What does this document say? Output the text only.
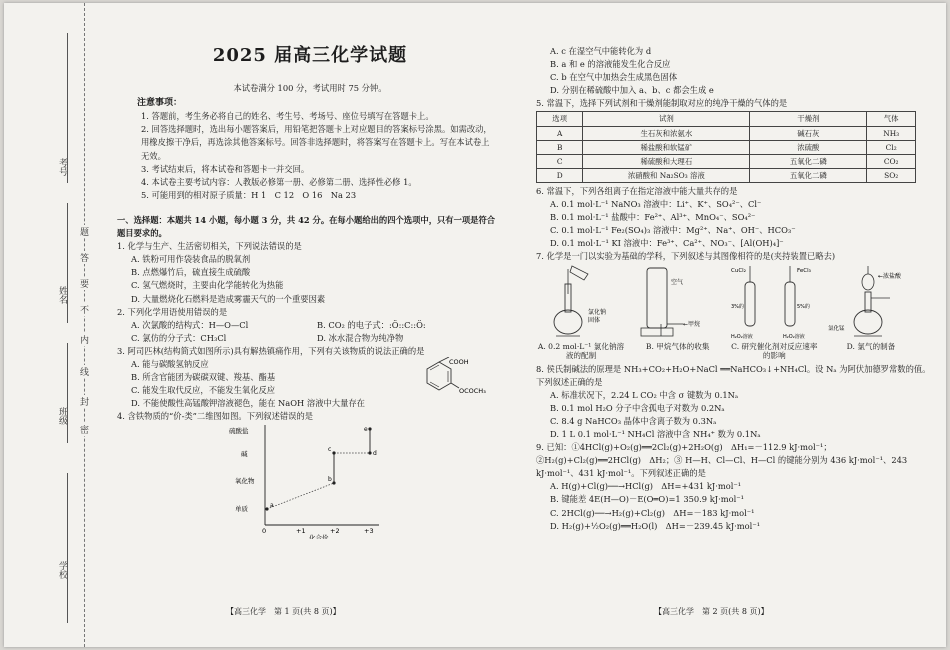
考号
姓名
班级
学校
题
答
要
不
内
线
封
密
2025 届高三化学试题
本试卷满分 100 分，考试用时 75 分钟。
注意事项：
1. 答题前，考生务必将自己的姓名、考生号、考场号、座位号填写在答题卡上。
2. 回答选择题时，选出每小题答案后，用铅笔把答题卡上对应题目的答案标号涂黑。如需改动，用橡皮擦干净后，再选涂其他答案标号。回答非选择题时，将答案写在答题卡上。写在本试卷上无效。
3. 考试结束后，将本试卷和答题卡一并交回。
4. 本试卷主要考试内容：人教版必修第一册、必修第二册、选择性必修 1。
5. 可能用到的相对原子质量：H 1　C 12　O 16　Na 23
一、选择题：本题共 14 小题，每小题 3 分，共 42 分。在每小题给出的四个选项中，只有一项是符合题目要求的。
1. 化学与生产、生活密切相关，下列说法错误的是
A. 铁粉可用作袋装食品的脱氧剂
B. 点燃爆竹后，硫直接生成硫酸
C. 氢气燃烧时，主要由化学能转化为热能
D. 大量燃烧化石燃料是造成雾霾天气的一个重要因素
2. 下列化学用语使用错误的是
A. 次氯酸的结构式：H—O—Cl	B. CO₂ 的电子式：:Ö::C::Ö:
C. 氯仿的分子式：CH₃Cl	D. 冰水混合物为纯净物
3. 阿司匹林(结构简式如图所示)具有解热镇痛作用，下列有关该物质的说法正确的是
A. 能与碳酸氢钠反应
B. 所含官能团为碳碳双键、羧基、酯基
C. 能发生取代反应，不能发生氧化反应
D. 不能使酸性高锰酸钾溶液褪色，能在 NaOH 溶液中大量存在
COOH
OCOCH₃
4. 含铁物质的“价-类”二维图如图。下列叙述错误的是
硫酸盐
碱
氧化物
单质
0	+1	+2	+3
化合价
a
b
c
d
e
【高三化学　第 1 页(共 8 页)】
A. c 在湿空气中能转化为 d
B. a 和 e 的溶液能发生化合反应
C. b 在空气中加热会生成黑色固体
D. 分别在稀硫酸中加入 a、b、c 都会生成 e
5. 常温下，选择下列试剂和干燥剂能制取对应的纯净干燥的气体的是
选项	试剂	干燥剂	气体
A	生石灰和浓氨水	碱石灰	NH₃
B	稀盐酸和软锰矿	浓硫酸	Cl₂
C	稀硫酸和大理石	五氧化二磷	CO₂
D	浓硝酸和 Na₂SO₃ 溶液	五氧化二磷	SO₂
6. 常温下，下列各组离子在指定溶液中能大量共存的是
A. 0.1 mol·L⁻¹ NaNO₃ 溶液中：Li⁺、K⁺、SO₄²⁻、Cl⁻
B. 0.1 mol·L⁻¹ 盐酸中：Fe²⁺、Al³⁺、MnO₄⁻、SO₄²⁻
C. 0.1 mol·L⁻¹ Fe₂(SO₄)₃ 溶液中：Mg²⁺、Na⁺、OH⁻、HCO₃⁻
D. 0.1 mol·L⁻¹ KI 溶液中：Fe³⁺、Ca²⁺、NO₃⁻、[Al(OH)₄]⁻
7. 化学是一门以实验为基础的学科，下列叙述与其图像相符的是(夹持装置已略去)
氯化钠固体
空气
←甲烷
CuCl₂	FeCl₃
3%的	5%的
H₂O₂溶液	H₂O₂溶液
←浓盐酸
氯化锰
A. 0.2 mol·L⁻¹ 氯化钠溶液的配制
B. 甲烷气体的收集	C. 研究催化剂对反应速率的影响
D. 氯气的制备
8. 侯氏制碱法的原理是 NH₃+CO₂+H₂O+NaCl ══NaHCO₃↓+NH₄Cl。设 Nₐ 为阿伏加德罗常数的值。下列叙述正确的是
A. 标准状况下，2.24 L CO₂ 中含 σ 键数为 0.1Nₐ
B. 0.1 mol H₂O 分子中含孤电子对数为 0.2Nₐ
C. 8.4 g NaHCO₃ 晶体中含离子数为 0.3Nₐ
D. 1 L 0.1 mol·L⁻¹ NH₄Cl 溶液中含 NH₄⁺ 数为 0.1Nₐ
9. 已知：①4HCl(g)+O₂(g)══2Cl₂(g)+2H₂O(g)　ΔH₁=－112.9 kJ·mol⁻¹；②H₂(g)+Cl₂(g)══2HCl(g)　ΔH₂；③ H—H、Cl—Cl、H—Cl 的键能分别为 436 kJ·mol⁻¹、243 kJ·mol⁻¹、431 kJ·mol⁻¹。下列叙述正确的是
A. H(g)+Cl(g)──→HCl(g)　ΔH=+431 kJ·mol⁻¹
B. 键能差 4E(H—O)－E(O═O)=1 350.9 kJ·mol⁻¹
C. 2HCl(g)──→H₂(g)+Cl₂(g)　ΔH=－183 kJ·mol⁻¹
D. H₂(g)+½O₂(g)══H₂O(l)　ΔH=－239.45 kJ·mol⁻¹
【高三化学　第 2 页(共 8 页)】
